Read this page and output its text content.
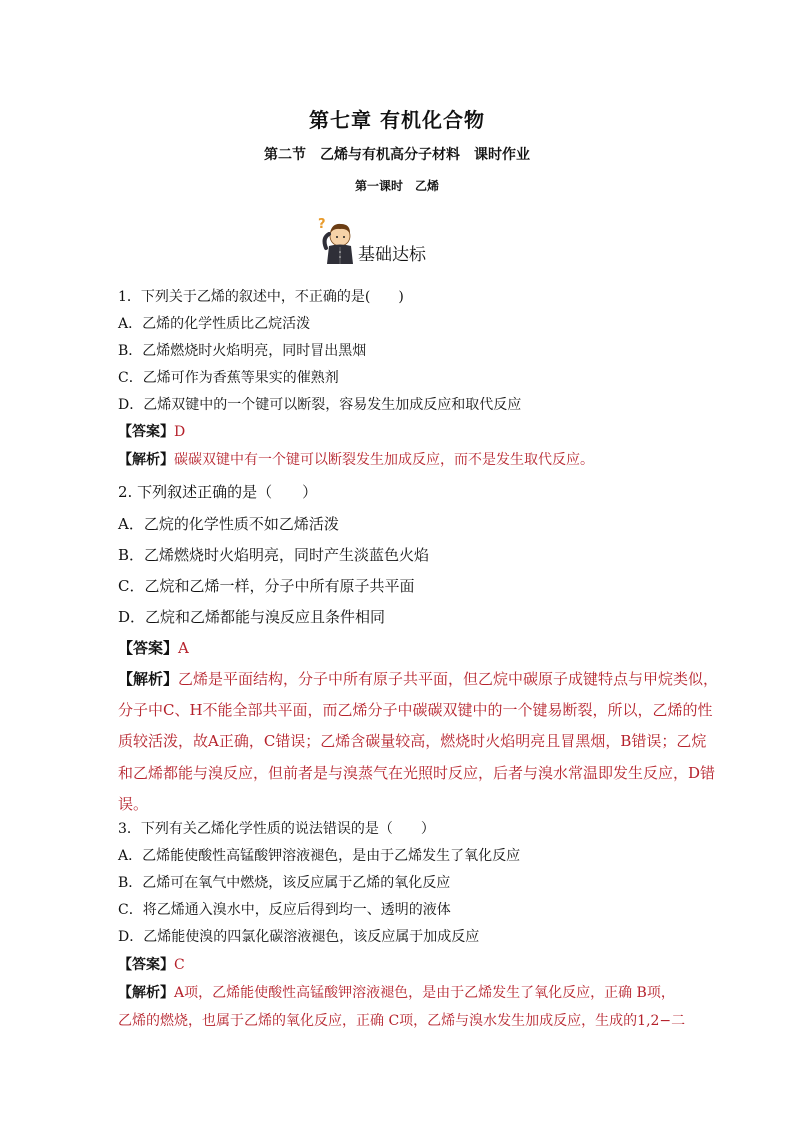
第七章 有机化合物
第二节　乙烯与有机高分子材料　课时作业
第一课时　乙烯
?
基础达标
1．下列关于乙烯的叙述中，不正确的是(　　)
A．乙烯的化学性质比乙烷活泼
B．乙烯燃烧时火焰明亮，同时冒出黑烟
C．乙烯可作为香蕉等果实的催熟剂
D．乙烯双键中的一个键可以断裂，容易发生加成反应和取代反应
【答案】D
【解析】碳碳双键中有一个键可以断裂发生加成反应，而不是发生取代反应。
2. 下列叙述正确的是（　　）
A．乙烷的化学性质不如乙烯活泼
B．乙烯燃烧时火焰明亮，同时产生淡蓝色火焰
C．乙烷和乙烯一样，分子中所有原子共平面
D．乙烷和乙烯都能与溴反应且条件相同
【答案】A
【解析】乙烯是平面结构，分子中所有原子共平面，但乙烷中碳原子成键特点与甲烷类似，
分子中C、H不能全部共平面，而乙烯分子中碳碳双键中的一个键易断裂，所以，乙烯的性
质较活泼，故A正确，C错误；乙烯含碳量较高，燃烧时火焰明亮且冒黑烟，B错误；乙烷
和乙烯都能与溴反应，但前者是与溴蒸气在光照时反应，后者与溴水常温即发生反应，D错
误。
3．下列有关乙烯化学性质的说法错误的是（　　）
A．乙烯能使酸性高锰酸钾溶液褪色，是由于乙烯发生了氧化反应
B．乙烯可在氧气中燃烧，该反应属于乙烯的氧化反应
C．将乙烯通入溴水中，反应后得到均一、透明的液体
D．乙烯能使溴的四氯化碳溶液褪色，该反应属于加成反应
【答案】C
【解析】A项，乙烯能使酸性高锰酸钾溶液褪色，是由于乙烯发生了氧化反应，正确 B项，
乙烯的燃烧，也属于乙烯的氧化反应，正确 C项，乙烯与溴水发生加成反应，生成的1,2−二
